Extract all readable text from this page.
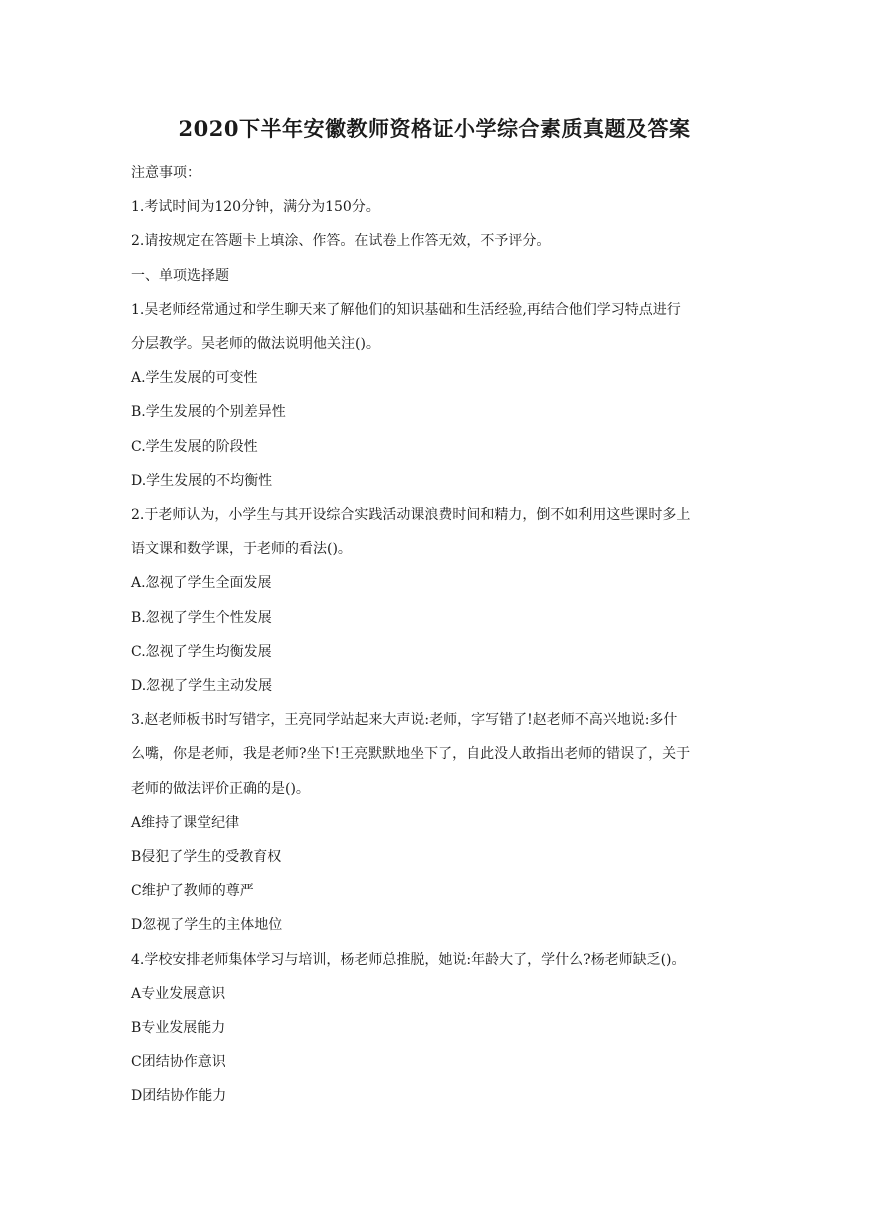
2020下半年安徽教师资格证小学综合素质真题及答案

注意事项：

1.考试时间为120分钟，满分为150分。

2.请按规定在答题卡上填涂、作答。在试卷上作答无效，不予评分。

一、单项选择题

1.吴老师经常通过和学生聊天来了解他们的知识基础和生活经验,再结合他们学习特点进行

分层教学。吴老师的做法说明他关注()。

A.学生发展的可变性

B.学生发展的个别差异性

C.学生发展的阶段性

D.学生发展的不均衡性

2.于老师认为，小学生与其开设综合实践活动课浪费时间和精力，倒不如利用这些课时多上

语文课和数学课，于老师的看法()。

A.忽视了学生全面发展

B.忽视了学生个性发展

C.忽视了学生均衡发展

D.忽视了学生主动发展

3.赵老师板书时写错字，王亮同学站起来大声说:老师，字写错了!赵老师不高兴地说:多什

么嘴，你是老师，我是老师?坐下!王亮默默地坐下了，自此没人敢指出老师的错误了，关于

老师的做法评价正确的是()。

A维持了课堂纪律

B侵犯了学生的受教育权

C维护了教师的尊严

D忽视了学生的主体地位

4.学校安排老师集体学习与培训，杨老师总推脱，她说:年龄大了，学什么?杨老师缺乏()。

A专业发展意识

B专业发展能力

C团结协作意识

D团结协作能力
